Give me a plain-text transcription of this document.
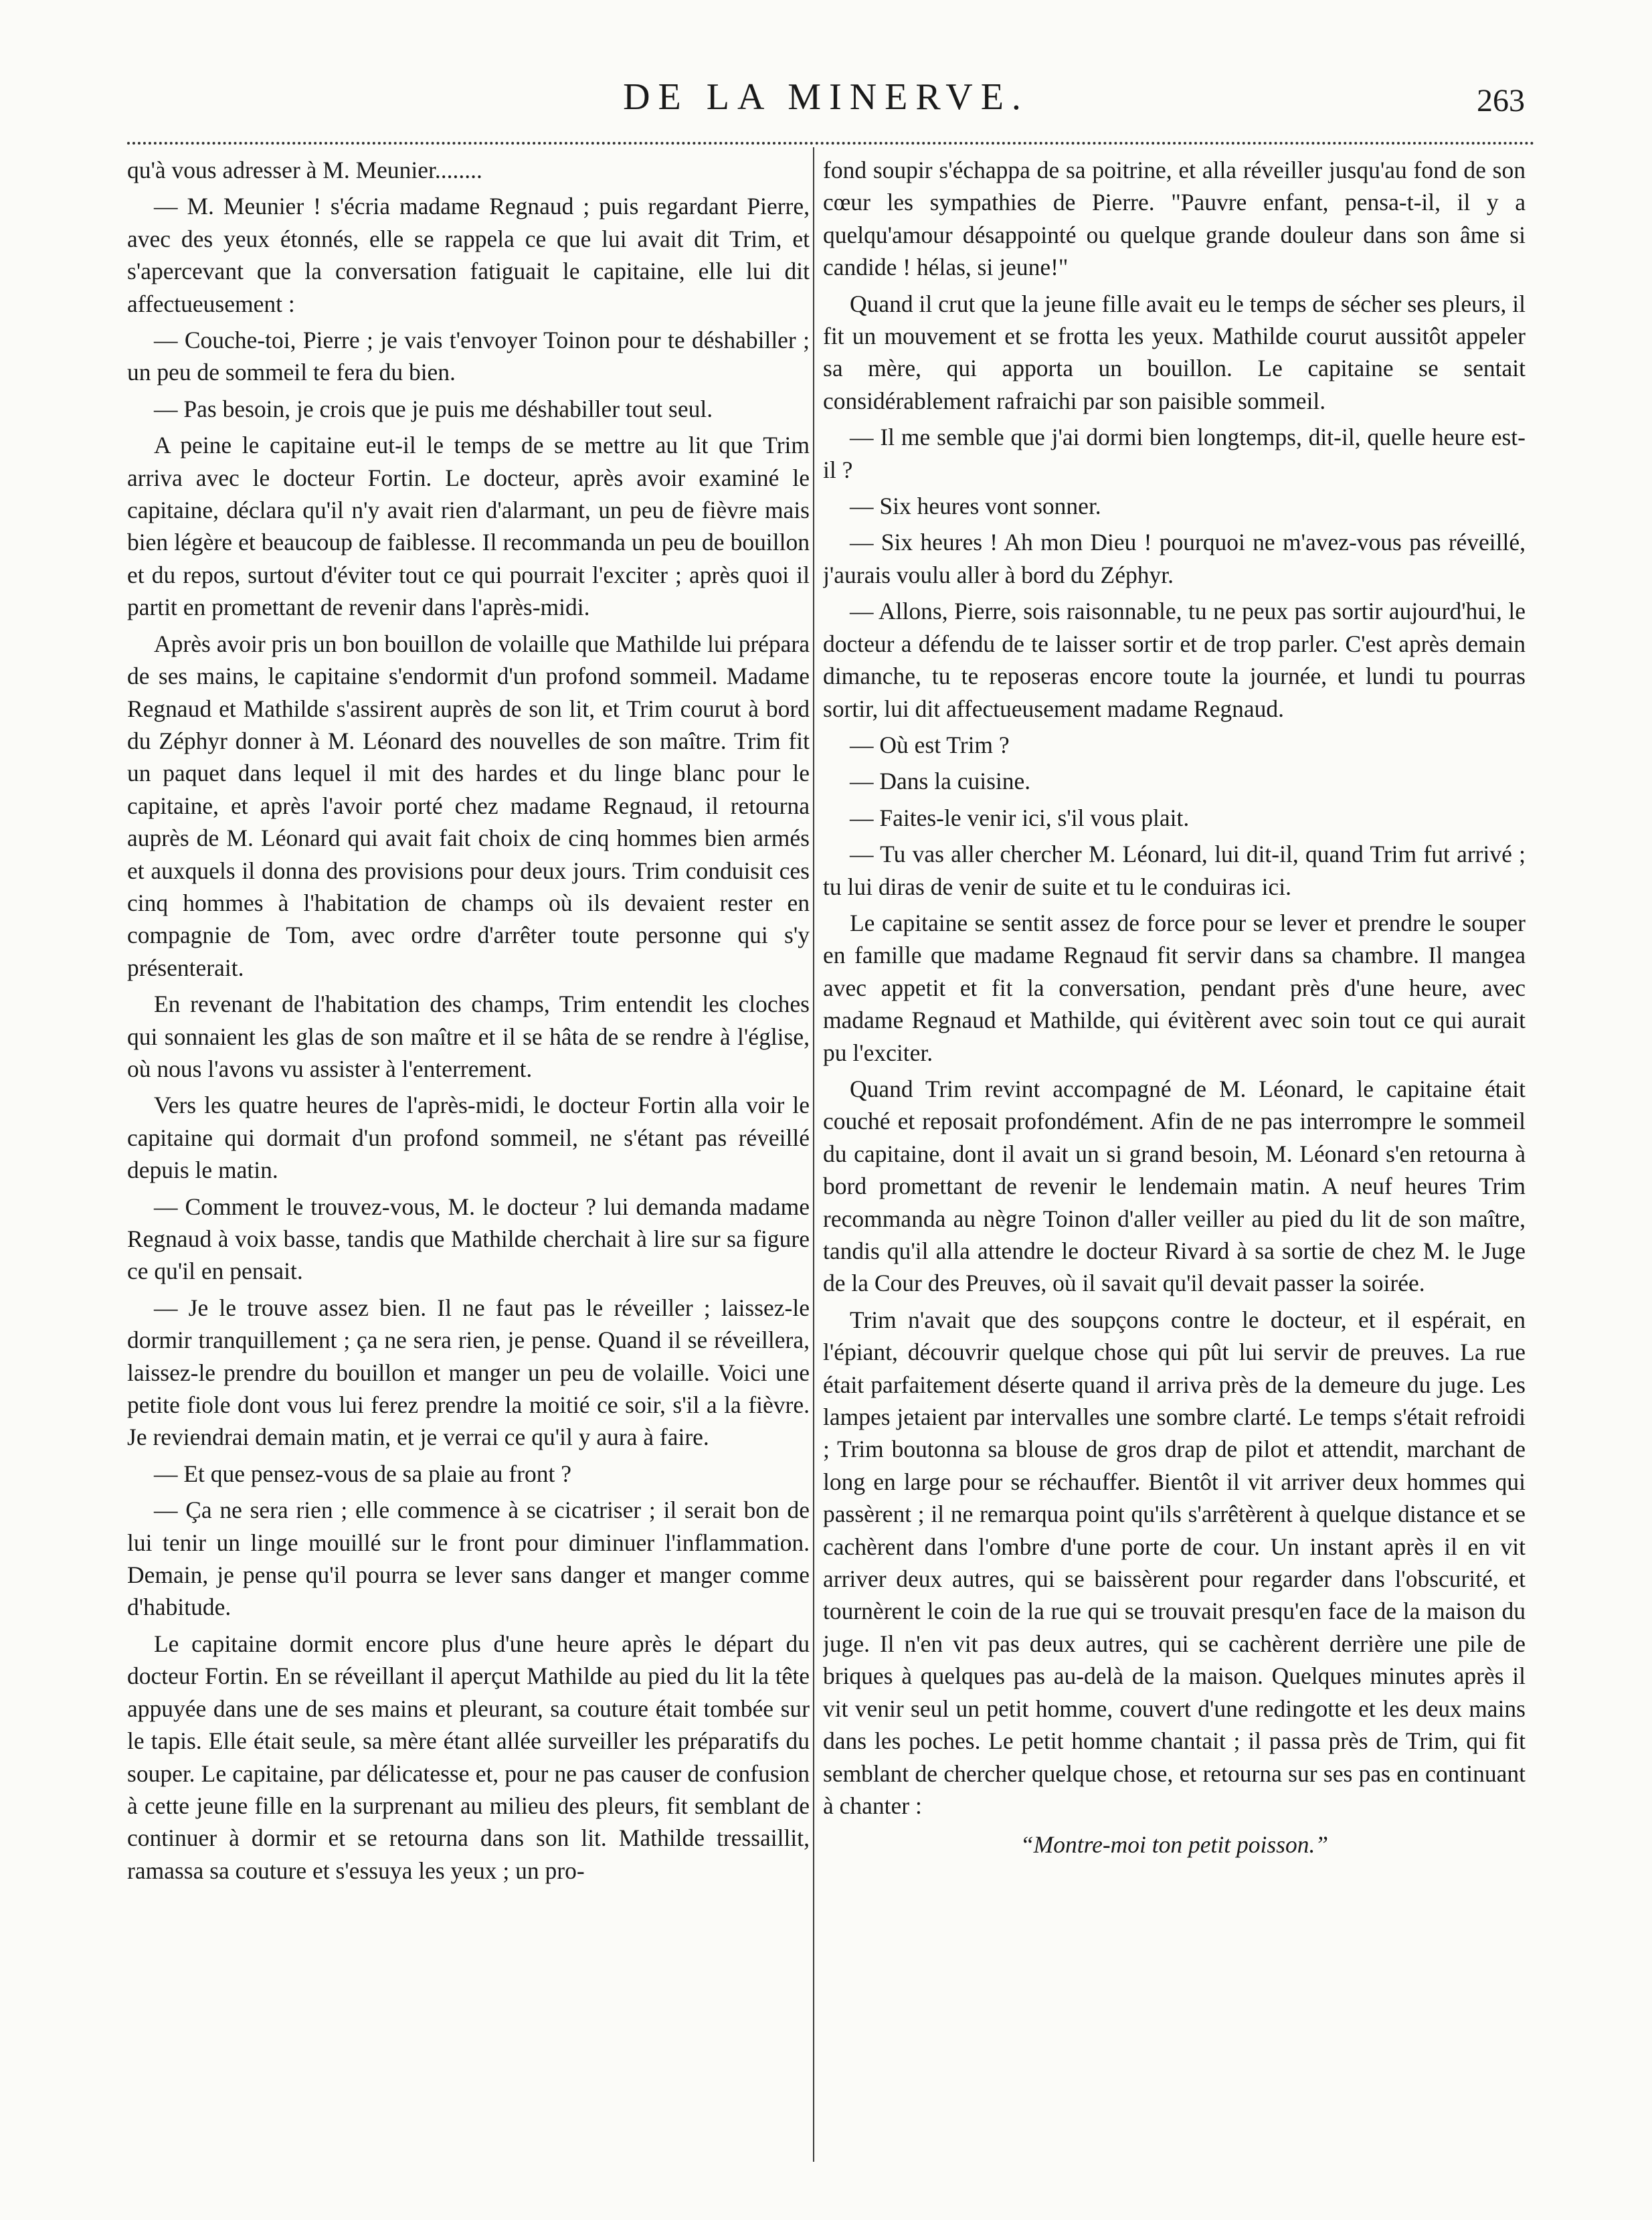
DE LA MINERVE.	263

qu'à vous adresser à M. Meunier........

— M. Meunier ! s'écria madame Regnaud ; puis regardant Pierre, avec des yeux étonnés, elle se rappela ce que lui avait dit Trim, et s'apercevant que la conversation fatiguait le capitaine, elle lui dit affectueusement :

— Couche-toi, Pierre ; je vais t'envoyer Toinon pour te déshabiller ; un peu de sommeil te fera du bien.

— Pas besoin, je crois que je puis me déshabiller tout seul.

A peine le capitaine eut-il le temps de se mettre au lit que Trim arriva avec le docteur Fortin. Le docteur, après avoir examiné le capitaine, déclara qu'il n'y avait rien d'alarmant, un peu de fièvre mais bien légère et beaucoup de faiblesse. Il recommanda un peu de bouillon et du repos, surtout d'éviter tout ce qui pourrait l'exciter ; après quoi il partit en promettant de revenir dans l'après-midi.

Après avoir pris un bon bouillon de volaille que Mathilde lui prépara de ses mains, le capitaine s'endormit d'un profond sommeil. Madame Regnaud et Mathilde s'assirent auprès de son lit, et Trim courut à bord du Zéphyr donner à M. Léonard des nouvelles de son maître. Trim fit un paquet dans lequel il mit des hardes et du linge blanc pour le capitaine, et après l'avoir porté chez madame Regnaud, il retourna auprès de M. Léonard qui avait fait choix de cinq hommes bien armés et auxquels il donna des provisions pour deux jours. Trim conduisit ces cinq hommes à l'habitation de champs où ils devaient rester en compagnie de Tom, avec ordre d'arrêter toute personne qui s'y présenterait.

En revenant de l'habitation des champs, Trim entendit les cloches qui sonnaient les glas de son maître et il se hâta de se rendre à l'église, où nous l'avons vu assister à l'enterrement.

Vers les quatre heures de l'après-midi, le docteur Fortin alla voir le capitaine qui dormait d'un profond sommeil, ne s'étant pas réveillé depuis le matin.

— Comment le trouvez-vous, M. le docteur ? lui demanda madame Regnaud à voix basse, tandis que Mathilde cherchait à lire sur sa figure ce qu'il en pensait.

— Je le trouve assez bien. Il ne faut pas le réveiller ; laissez-le dormir tranquillement ; ça ne sera rien, je pense. Quand il se réveillera, laissez-le prendre du bouillon et manger un peu de volaille. Voici une petite fiole dont vous lui ferez prendre la moitié ce soir, s'il a la fièvre. Je reviendrai demain matin, et je verrai ce qu'il y aura à faire.

— Et que pensez-vous de sa plaie au front ?

— Ça ne sera rien ; elle commence à se cicatriser ; il serait bon de lui tenir un linge mouillé sur le front pour diminuer l'inflammation. Demain, je pense qu'il pourra se lever sans danger et manger comme d'habitude.

Le capitaine dormit encore plus d'une heure après le départ du docteur Fortin. En se réveillant il aperçut Mathilde au pied du lit la tête appuyée dans une de ses mains et pleurant, sa couture était tombée sur le tapis. Elle était seule, sa mère étant allée surveiller les préparatifs du souper. Le capitaine, par délicatesse et, pour ne pas causer de confusion à cette jeune fille en la surprenant au milieu des pleurs, fit semblant de continuer à dormir et se retourna dans son lit. Mathilde tressaillit, ramassa sa couture et s'essuya les yeux ; un pro-

fond soupir s'échappa de sa poitrine, et alla réveiller jusqu'au fond de son cœur les sympathies de Pierre. "Pauvre enfant, pensa-t-il, il y a quelqu'amour désappointé ou quelque grande douleur dans son âme si candide ! hélas, si jeune!"

Quand il crut que la jeune fille avait eu le temps de sécher ses pleurs, il fit un mouvement et se frotta les yeux. Mathilde courut aussitôt appeler sa mère, qui apporta un bouillon. Le capitaine se sentait considérablement rafraichi par son paisible sommeil.

— Il me semble que j'ai dormi bien longtemps, dit-il, quelle heure est-il ?

— Six heures vont sonner.

— Six heures ! Ah mon Dieu ! pourquoi ne m'avez-vous pas réveillé, j'aurais voulu aller à bord du Zéphyr.

— Allons, Pierre, sois raisonnable, tu ne peux pas sortir aujourd'hui, le docteur a défendu de te laisser sortir et de trop parler. C'est après demain dimanche, tu te reposeras encore toute la journée, et lundi tu pourras sortir, lui dit affectueusement madame Regnaud.

— Où est Trim ?

— Dans la cuisine.

— Faites-le venir ici, s'il vous plait.

— Tu vas aller chercher M. Léonard, lui dit-il, quand Trim fut arrivé ; tu lui diras de venir de suite et tu le conduiras ici.

Le capitaine se sentit assez de force pour se lever et prendre le souper en famille que madame Regnaud fit servir dans sa chambre. Il mangea avec appetit et fit la conversation, pendant près d'une heure, avec madame Regnaud et Mathilde, qui évitèrent avec soin tout ce qui aurait pu l'exciter.

Quand Trim revint accompagné de M. Léonard, le capitaine était couché et reposait profondément. Afin de ne pas interrompre le sommeil du capitaine, dont il avait un si grand besoin, M. Léonard s'en retourna à bord promettant de revenir le lendemain matin. A neuf heures Trim recommanda au nègre Toinon d'aller veiller au pied du lit de son maître, tandis qu'il alla attendre le docteur Rivard à sa sortie de chez M. le Juge de la Cour des Preuves, où il savait qu'il devait passer la soirée.

Trim n'avait que des soupçons contre le docteur, et il espérait, en l'épiant, découvrir quelque chose qui pût lui servir de preuves. La rue était parfaitement déserte quand il arriva près de la demeure du juge. Les lampes jetaient par intervalles une sombre clarté. Le temps s'était refroidi ; Trim boutonna sa blouse de gros drap de pilot et attendit, marchant de long en large pour se réchauffer. Bientôt il vit arriver deux hommes qui passèrent ; il ne remarqua point qu'ils s'arrêtèrent à quelque distance et se cachèrent dans l'ombre d'une porte de cour. Un instant après il en vit arriver deux autres, qui se baissèrent pour regarder dans l'obscurité, et tournèrent le coin de la rue qui se trouvait presqu'en face de la maison du juge. Il n'en vit pas deux autres, qui se cachèrent derrière une pile de briques à quelques pas au-delà de la maison. Quelques minutes après il vit venir seul un petit homme, couvert d'une redingotte et les deux mains dans les poches. Le petit homme chantait ; il passa près de Trim, qui fit semblant de chercher quelque chose, et retourna sur ses pas en continuant à chanter :

“Montre-moi ton petit poisson.”
